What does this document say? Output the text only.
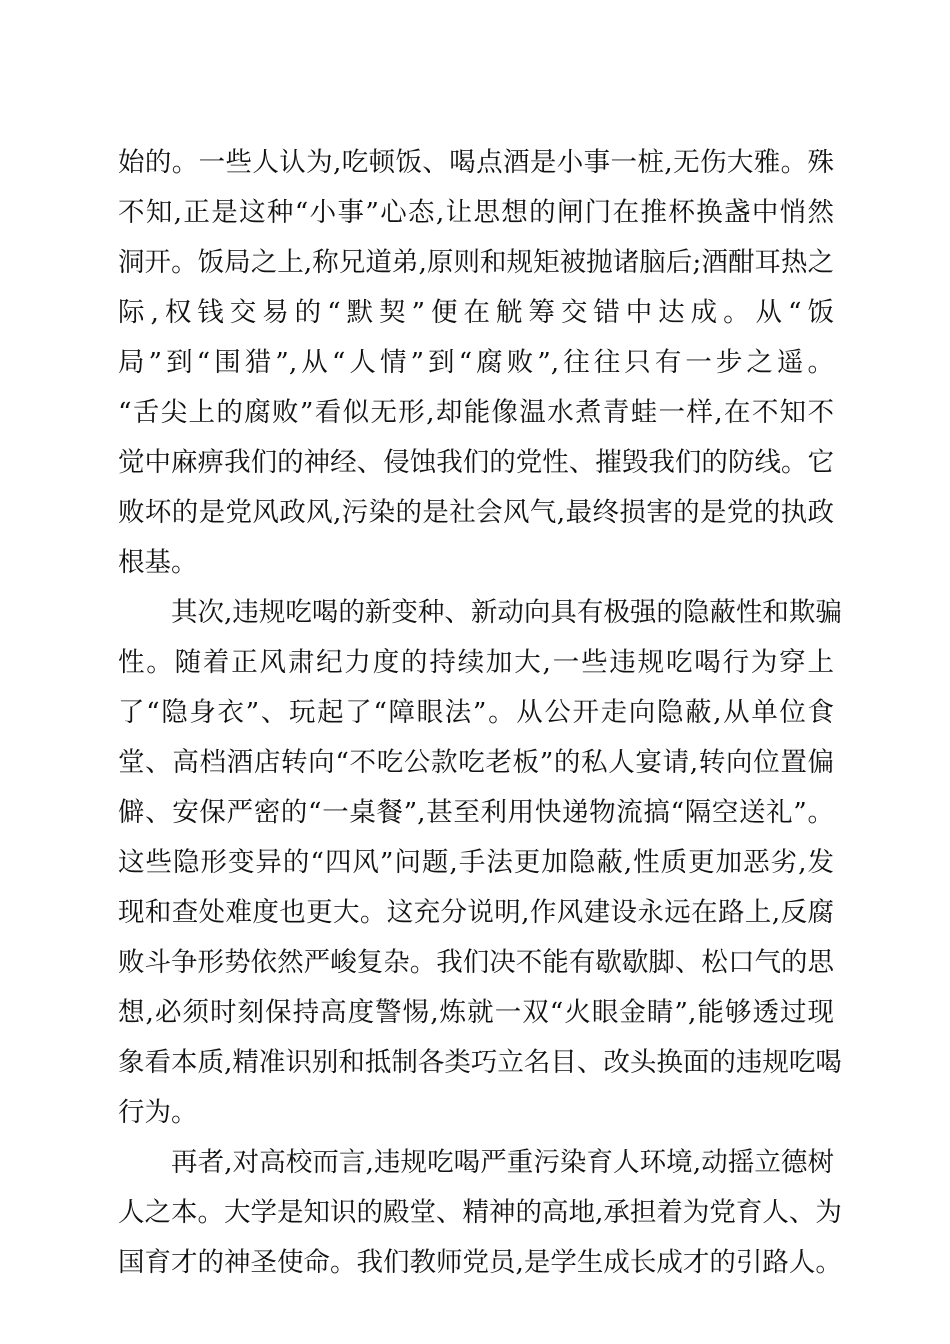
始的。一些人认为,吃顿饭、喝点酒是小事一桩,无伤大雅。殊
不知,正是这种“小事”心态,让思想的闸门在推杯换盏中悄然
洞开。饭局之上,称兄道弟,原则和规矩被抛诸脑后;酒酣耳热之
际,权钱交易的“默契”便在觥筹交错中达成。从“饭
局”到“围猎”,从“人情”到“腐败”,往往只有一步之遥。
“舌尖上的腐败”看似无形,却能像温水煮青蛙一样,在不知不
觉中麻痹我们的神经、侵蚀我们的党性、摧毁我们的防线。它
败坏的是党风政风,污染的是社会风气,最终损害的是党的执政
根基。
其次,违规吃喝的新变种、新动向具有极强的隐蔽性和欺骗
性。随着正风肃纪力度的持续加大,一些违规吃喝行为穿上
了“隐身衣”、玩起了“障眼法”。从公开走向隐蔽,从单位食
堂、高档酒店转向“不吃公款吃老板”的私人宴请,转向位置偏
僻、安保严密的“一桌餐”,甚至利用快递物流搞“隔空送礼”。
这些隐形变异的“四风”问题,手法更加隐蔽,性质更加恶劣,发
现和查处难度也更大。这充分说明,作风建设永远在路上,反腐
败斗争形势依然严峻复杂。我们决不能有歇歇脚、松口气的思
想,必须时刻保持高度警惕,炼就一双“火眼金睛”,能够透过现
象看本质,精准识别和抵制各类巧立名目、改头换面的违规吃喝
行为。
再者,对高校而言,违规吃喝严重污染育人环境,动摇立德树
人之本。大学是知识的殿堂、精神的高地,承担着为党育人、为
国育才的神圣使命。我们教师党员,是学生成长成才的引路人。
